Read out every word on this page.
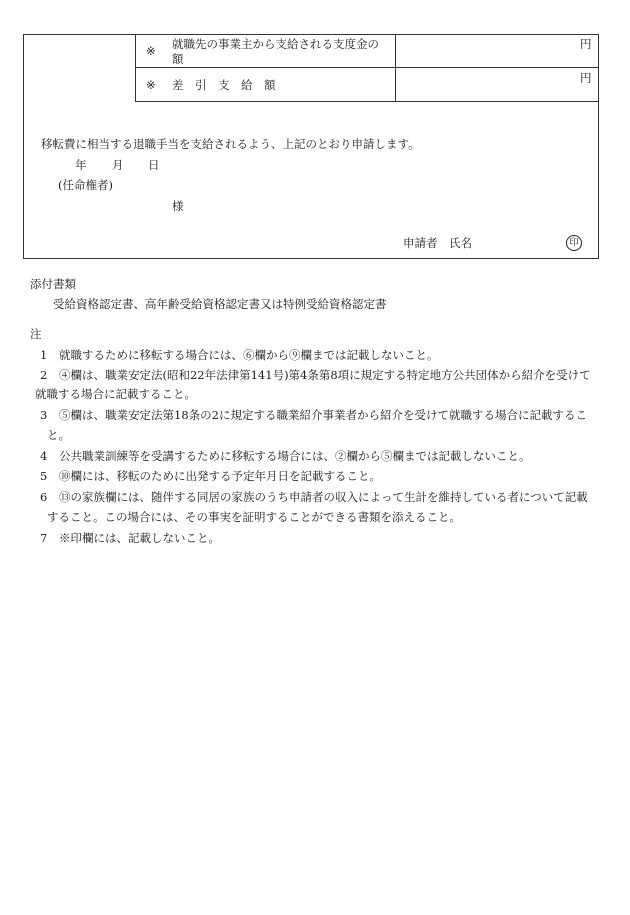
※ 就職先の事業主から支給される支度金の
額
円
※ 差　引　支　給　額	円
移転費に相当する退職手当を支給されるよう、上記のとおり申請します。
年 月 日
(任命権者)
様
申請者　氏名	印
添付書類
受給資格認定書、高年齢受給資格認定書又は特例受給資格認定書
注
1 就職するために移転する場合には、⑥欄から⑨欄までは記載しないこと。
2 ④欄は、職業安定法(昭和22年法律第141号)第4条第8項に規定する特定地方公共団体から紹介を受けて
就職する場合に記載すること。
3 ⑤欄は、職業安定法第18条の2に規定する職業紹介事業者から紹介を受けて就職する場合に記載するこ
と。
4 公共職業訓練等を受講するために移転する場合には、②欄から⑤欄までは記載しないこと。
5 ⑩欄には、移転のために出発する予定年月日を記載すること。
6 ⑬の家族欄には、随伴する同居の家族のうち申請者の収入によって生計を維持している者について記載
すること。この場合には、その事実を証明することができる書類を添えること。
7 ※印欄には、記載しないこと。
